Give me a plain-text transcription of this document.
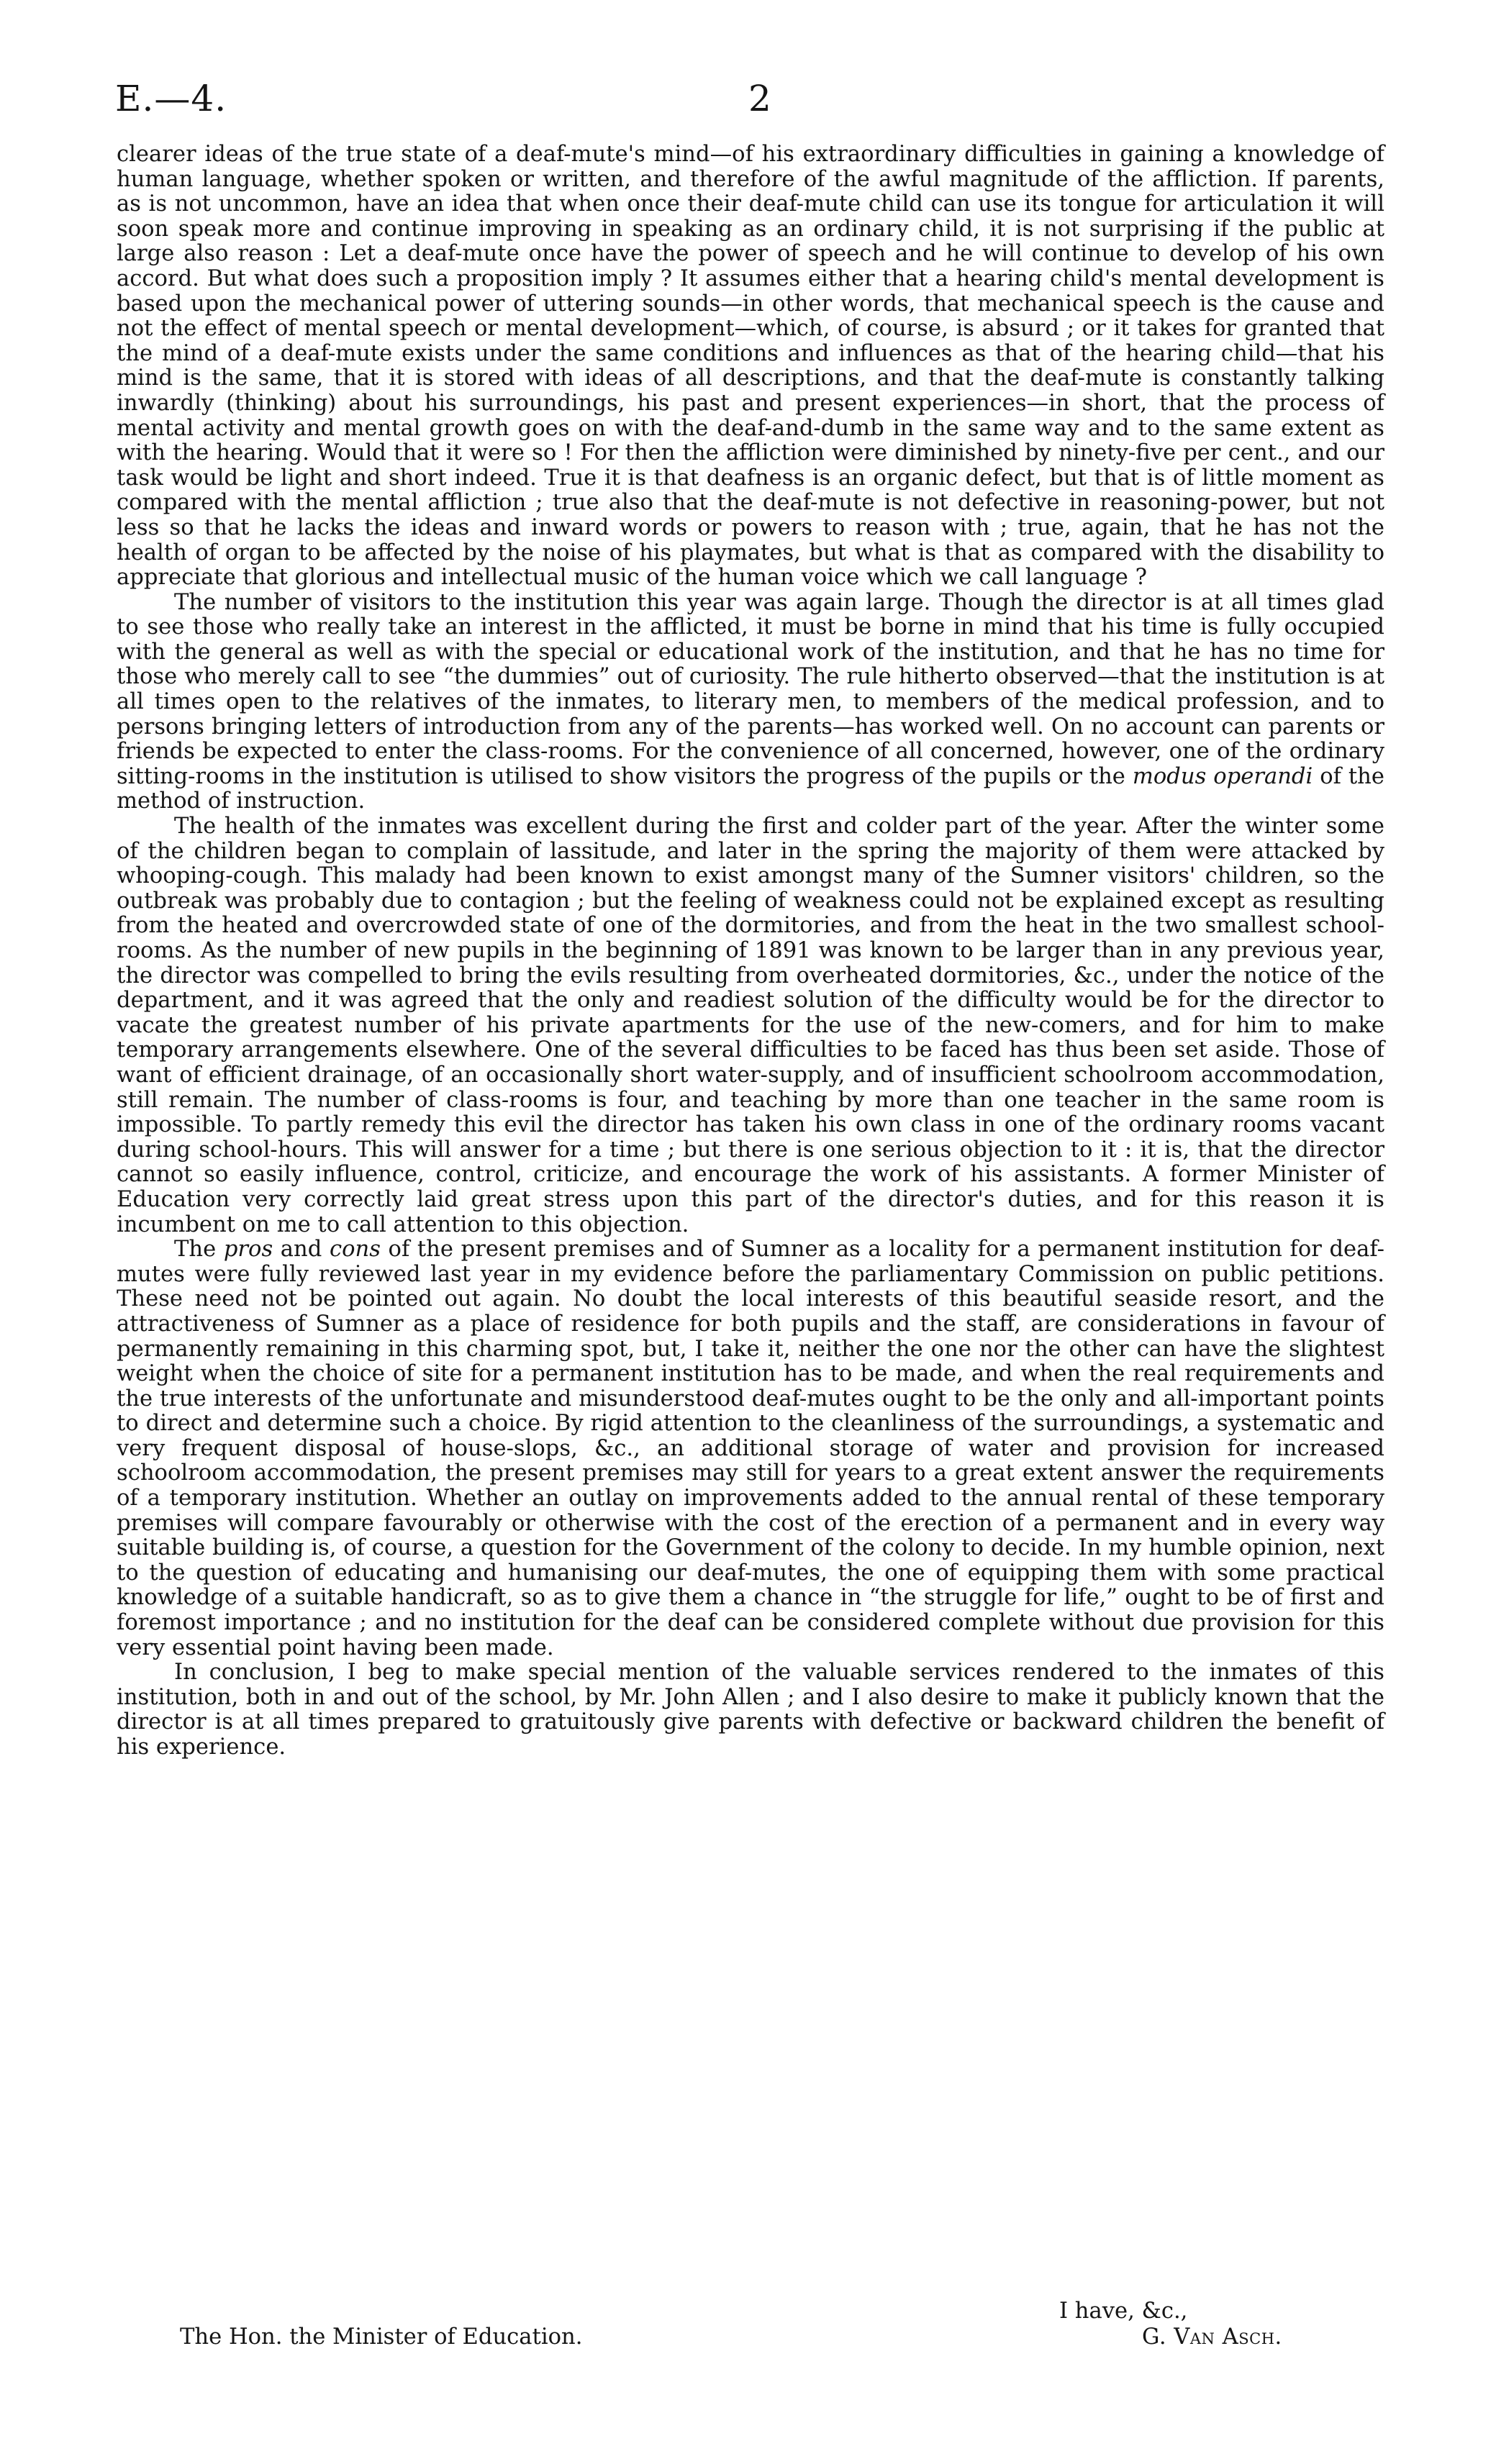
E.—4.	2

clearer ideas of the true state of a deaf-mute's mind—of his extraordinary difficulties in gaining a knowledge of human language, whether spoken or written, and therefore of the awful magnitude of the affliction. If parents, as is not uncommon, have an idea that when once their deaf-mute child can use its tongue for articulation it will soon speak more and continue improving in speaking as an ordinary child, it is not surprising if the public at large also reason : Let a deaf-mute once have the power of speech and he will continue to develop of his own accord. But what does such a proposition imply ? It assumes either that a hearing child's mental development is based upon the mechanical power of uttering sounds—in other words, that mechanical speech is the cause and not the effect of mental speech or mental development—which, of course, is absurd ; or it takes for granted that the mind of a deaf-mute exists under the same conditions and influences as that of the hearing child—that his mind is the same, that it is stored with ideas of all descriptions, and that the deaf-mute is constantly talking inwardly (thinking) about his surroundings, his past and present experiences—in short, that the process of mental activity and mental growth goes on with the deaf-and-dumb in the same way and to the same extent as with the hearing. Would that it were so ! For then the affliction were diminished by ninety-five per cent., and our task would be light and short indeed. True it is that deafness is an organic defect, but that is of little moment as compared with the mental affliction ; true also that the deaf-mute is not defective in reasoning-power, but not less so that he lacks the ideas and inward words or powers to reason with ; true, again, that he has not the health of organ to be affected by the noise of his playmates, but what is that as compared with the disability to appreciate that glorious and intellectual music of the human voice which we call language ?

The number of visitors to the institution this year was again large. Though the director is at all times glad to see those who really take an interest in the afflicted, it must be borne in mind that his time is fully occupied with the general as well as with the special or educational work of the institution, and that he has no time for those who merely call to see “the dummies” out of curiosity. The rule hitherto observed—that the institution is at all times open to the relatives of the inmates, to literary men, to members of the medical profession, and to persons bringing letters of introduction from any of the parents—has worked well. On no account can parents or friends be expected to enter the class-rooms. For the convenience of all concerned, however, one of the ordinary sitting-rooms in the institution is utilised to show visitors the progress of the pupils or the modus operandi of the method of instruction.

The health of the inmates was excellent during the first and colder part of the year. After the winter some of the children began to complain of lassitude, and later in the spring the majority of them were attacked by whooping-cough. This malady had been known to exist amongst many of the Sumner visitors' children, so the outbreak was probably due to contagion ; but the feeling of weakness could not be explained except as resulting from the heated and overcrowded state of one of the dormitories, and from the heat in the two smallest school-rooms. As the number of new pupils in the beginning of 1891 was known to be larger than in any previous year, the director was compelled to bring the evils resulting from overheated dormitories, &c., under the notice of the department, and it was agreed that the only and readiest solution of the difficulty would be for the director to vacate the greatest number of his private apartments for the use of the new-comers, and for him to make temporary arrangements elsewhere. One of the several difficulties to be faced has thus been set aside. Those of want of efficient drainage, of an occasionally short water-supply, and of insufficient schoolroom accommodation, still remain. The number of class-rooms is four, and teaching by more than one teacher in the same room is impossible. To partly remedy this evil the director has taken his own class in one of the ordinary rooms vacant during school-hours. This will answer for a time ; but there is one serious objection to it : it is, that the director cannot so easily influence, control, criticize, and encourage the work of his assistants. A former Minister of Education very correctly laid great stress upon this part of the director's duties, and for this reason it is incumbent on me to call attention to this objection.

The pros and cons of the present premises and of Sumner as a locality for a permanent institution for deaf-mutes were fully reviewed last year in my evidence before the parliamentary Commission on public petitions. These need not be pointed out again. No doubt the local interests of this beautiful seaside resort, and the attractiveness of Sumner as a place of residence for both pupils and the staff, are considerations in favour of permanently remaining in this charming spot, but, I take it, neither the one nor the other can have the slightest weight when the choice of site for a permanent institution has to be made, and when the real requirements and the true interests of the unfortunate and misunderstood deaf-mutes ought to be the only and all-important points to direct and determine such a choice. By rigid attention to the cleanliness of the surroundings, a systematic and very frequent disposal of house-slops, &c., an additional storage of water and provision for increased schoolroom accommodation, the present premises may still for years to a great extent answer the requirements of a temporary institution. Whether an outlay on improvements added to the annual rental of these temporary premises will compare favourably or otherwise with the cost of the erection of a permanent and in every way suitable building is, of course, a question for the Government of the colony to decide. In my humble opinion, next to the question of educating and humanising our deaf-mutes, the one of equipping them with some practical knowledge of a suitable handicraft, so as to give them a chance in “the struggle for life,” ought to be of first and foremost importance ; and no institution for the deaf can be considered complete without due provision for this very essential point having been made.

In conclusion, I beg to make special mention of the valuable services rendered to the inmates of this institution, both in and out of the school, by Mr. John Allen ; and I also desire to make it publicly known that the director is at all times prepared to gratuitously give parents with defective or backward children the benefit of his experience.

I have, &c.,
The Hon. the Minister of Education.	G. Van Asch.
